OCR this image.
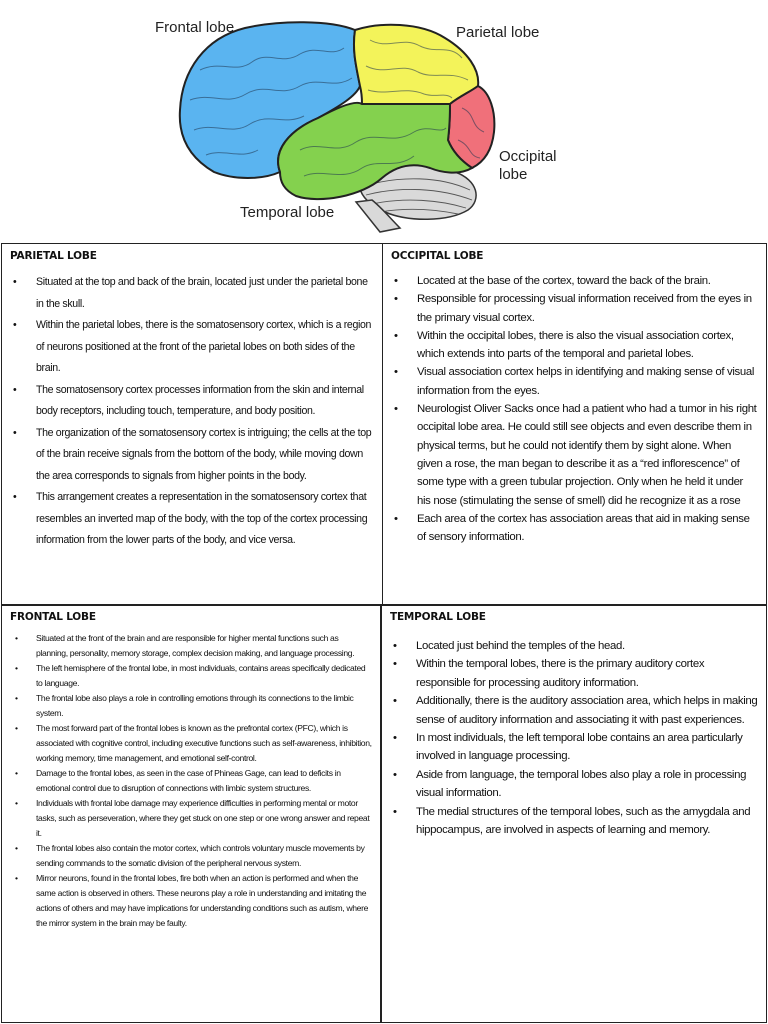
Frontal lobe	Parietal lobe
Occipital
lobe
Temporal lobe
PARIETAL LOBE
• Situated at the top and back of the brain, located just under the parietal bone in the skull.
• Within the parietal lobes, there is the somatosensory cortex, which is a region of neurons positioned at the front of the parietal lobes on both sides of the brain.
• The somatosensory cortex processes information from the skin and internal body receptors, including touch, temperature, and body position.
• The organization of the somatosensory cortex is intriguing; the cells at the top of the brain receive signals from the bottom of the body, while moving down the area corresponds to signals from higher points in the body.
• This arrangement creates a representation in the somatosensory cortex that resembles an inverted map of the body, with the top of the cortex processing information from the lower parts of the body, and vice versa.
OCCIPITAL LOBE
• Located at the base of the cortex, toward the back of the brain.
• Responsible for processing visual information received from the eyes in the primary visual cortex.
• Within the occipital lobes, there is also the visual association cortex, which extends into parts of the temporal and parietal lobes.
• Visual association cortex helps in identifying and making sense of visual information from the eyes.
• Neurologist Oliver Sacks once had a patient who had a tumor in his right occipital lobe area. He could still see objects and even describe them in physical terms, but he could not identify them by sight alone. When given a rose, the man began to describe it as a “red inflorescence” of some type with a green tubular projection. Only when he held it under his nose (stimulating the sense of smell) did he recognize it as a rose
• Each area of the cortex has association areas that aid in making sense of sensory information.
FRONTAL LOBE
• Situated at the front of the brain and are responsible for higher mental functions such as planning, personality, memory storage, complex decision making, and language processing.
• The left hemisphere of the frontal lobe, in most individuals, contains areas specifically dedicated to language.
• The frontal lobe also plays a role in controlling emotions through its connections to the limbic system.
• The most forward part of the frontal lobes is known as the prefrontal cortex (PFC), which is associated with cognitive control, including executive functions such as self-awareness, inhibition, working memory, time management, and emotional self-control.
• Damage to the frontal lobes, as seen in the case of Phineas Gage, can lead to deficits in emotional control due to disruption of connections with limbic system structures.
• Individuals with frontal lobe damage may experience difficulties in performing mental or motor tasks, such as perseveration, where they get stuck on one step or one wrong answer and repeat it.
• The frontal lobes also contain the motor cortex, which controls voluntary muscle movements by sending commands to the somatic division of the peripheral nervous system.
• Mirror neurons, found in the frontal lobes, fire both when an action is performed and when the same action is observed in others. These neurons play a role in understanding and imitating the actions of others and may have implications for understanding conditions such as autism, where the mirror system in the brain may be faulty.
TEMPORAL LOBE
• Located just behind the temples of the head.
• Within the temporal lobes, there is the primary auditory cortex responsible for processing auditory information.
• Additionally, there is the auditory association area, which helps in making sense of auditory information and associating it with past experiences.
• In most individuals, the left temporal lobe contains an area particularly involved in language processing.
• Aside from language, the temporal lobes also play a role in processing visual information.
• The medial structures of the temporal lobes, such as the amygdala and hippocampus, are involved in aspects of learning and memory.
